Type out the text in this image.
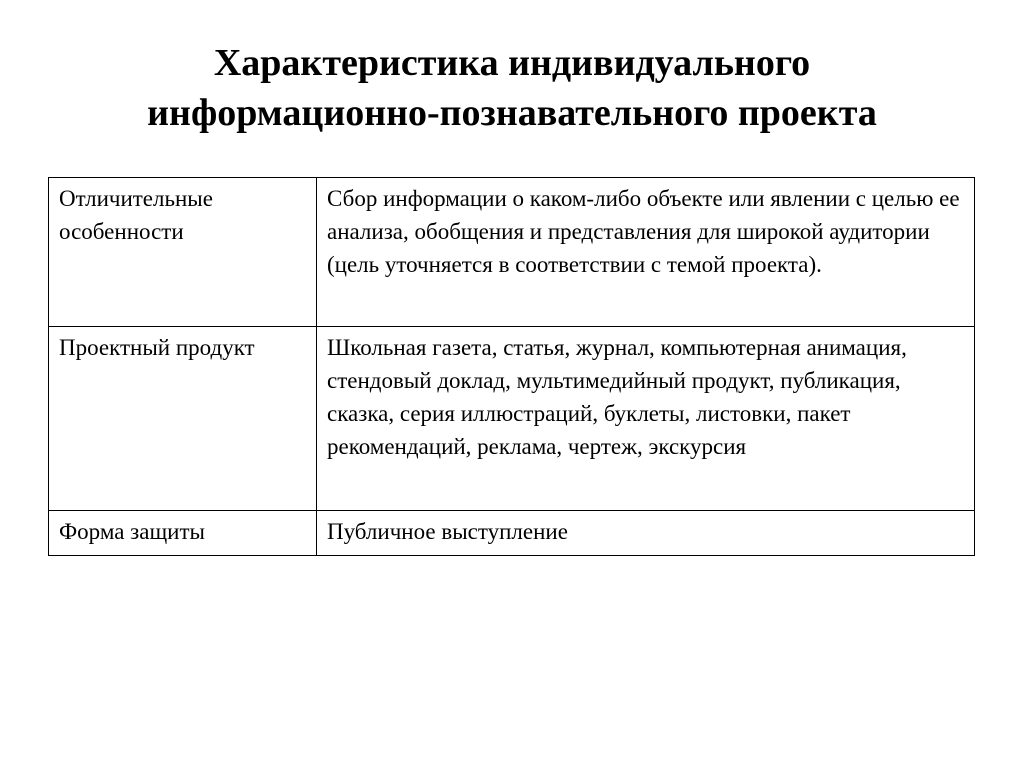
Характеристика индивидуального
информационно-познавательного проекта
Отличительные особенности	Сбор информации о каком-либо объекте или явлении с целью ее анализа, обобщения и представления для широкой аудитории (цель уточняется в соответствии с темой проекта).
Проектный продукт	Школьная газета, статья, журнал, компьютерная анимация, стендовый доклад, мультимедийный продукт, публикация, сказка, серия иллюстраций, буклеты, листовки, пакет рекомендаций, реклама, чертеж, экскурсия
Форма защиты	Публичное выступление
